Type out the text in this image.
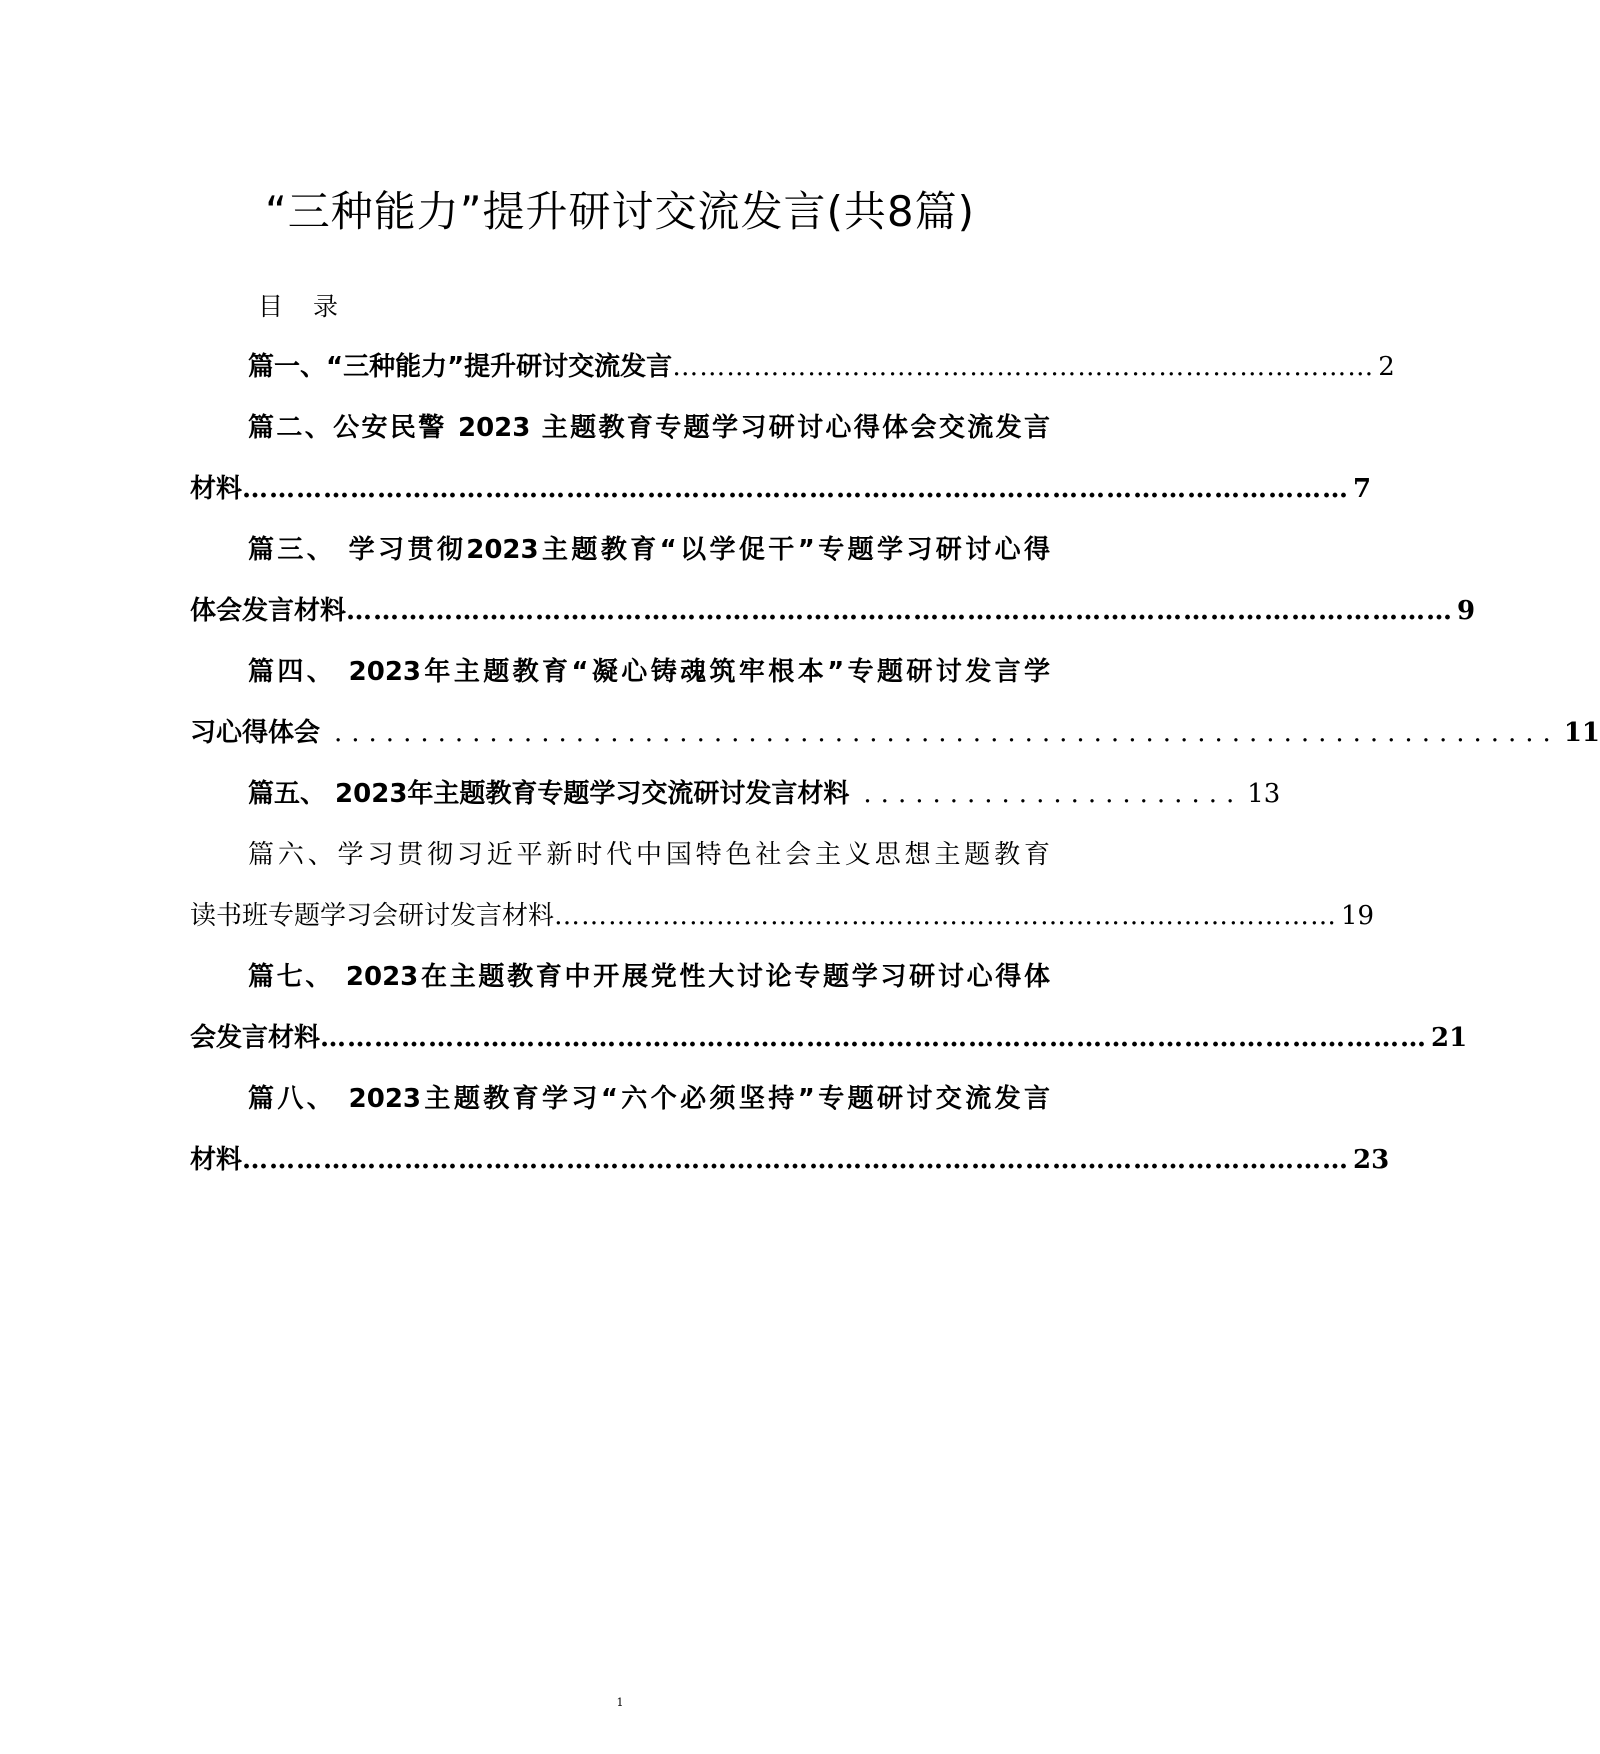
“三种能力”提升研讨交流发言(共8篇)
目 录
篇一、“三种能力”提升研讨交流发言 …………………………………………………………………… 2
篇二、公安民警 2023 主题教育专题学习研讨心得体会交流发言
材料 …………………………………………………………………………………………………………… 7
篇三、 学习贯彻2023主题教育“以学促干”专题学习研讨心得
体会发言材料 …………………………………………………………………………………………………………… 9
篇四、 2023年主题教育“凝心铸魂筑牢根本”专题研讨发言学
习心得体会 ....................................................................... 11
篇五、 2023年主题教育专题学习交流研讨发言材料 ...................... 13
篇六、学习贯彻习近平新时代中国特色社会主义思想主题教育
读书班专题学习会研讨发言材料 …………………………………………………………………………… 19
篇七、 2023在主题教育中开展党性大讨论专题学习研讨心得体
会发言材料 …………………………………………………………………………………………………………… 21
篇八、 2023主题教育学习“六个必须坚持”专题研讨交流发言
材料 …………………………………………………………………………………………………………… 23
1
